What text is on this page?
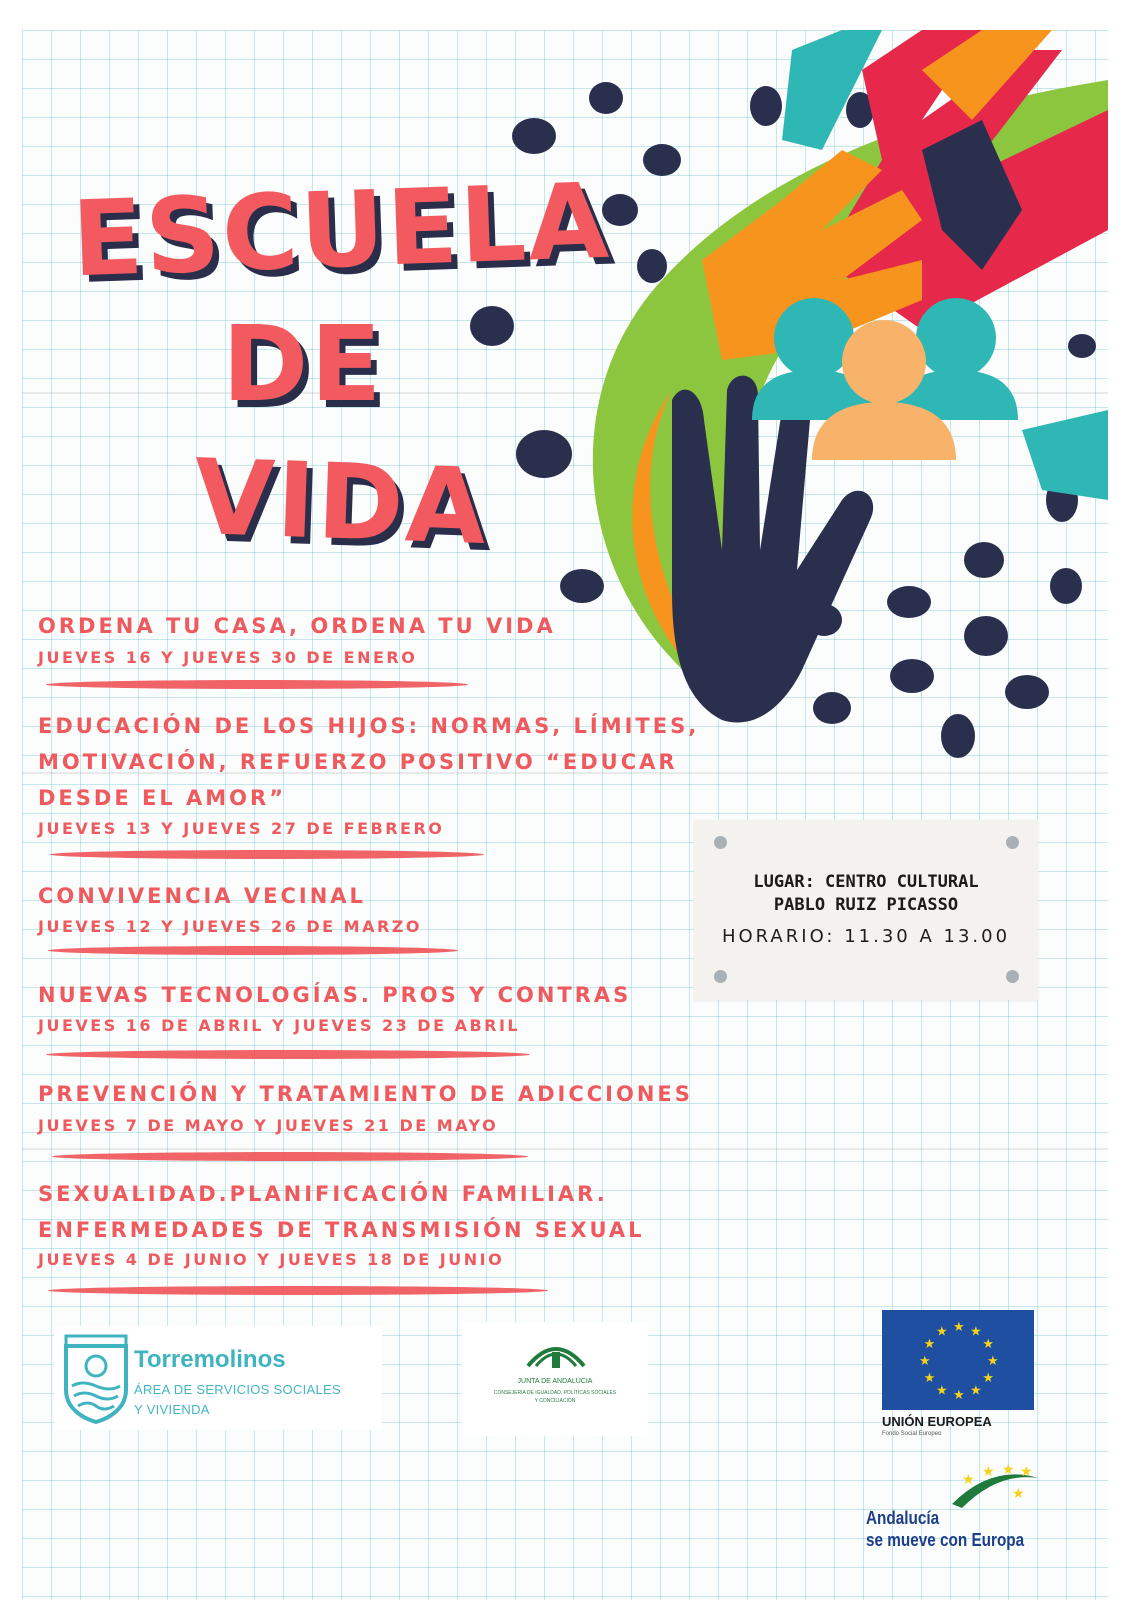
ESCUELA
DE
VIDA

ORDENA TU CASA, ORDENA TU VIDA

JUEVES 16 Y JUEVES 30 DE ENERO

EDUCACIÓN DE LOS HIJOS: NORMAS, LÍMITES,

MOTIVACIÓN, REFUERZO POSITIVO “EDUCAR

DESDE EL AMOR”

JUEVES 13 Y JUEVES 27 DE FEBRERO

CONVIVENCIA VECINAL

JUEVES 12 Y JUEVES 26 DE MARZO

NUEVAS TECNOLOGÍAS. PROS Y CONTRAS

JUEVES 16 DE ABRIL Y JUEVES 23 DE ABRIL

PREVENCIÓN Y TRATAMIENTO DE ADICCIONES

JUEVES 7 DE MAYO Y JUEVES 21 DE MAYO

SEXUALIDAD.PLANIFICACIÓN FAMILIAR.

ENFERMEDADES DE TRANSMISIÓN SEXUAL

JUEVES 4 DE JUNIO Y JUEVES 18 DE JUNIO

LUGAR: CENTRO CULTURAL

PABLO RUIZ PICASSO

HORARIO: 11.30 A 13.00

Torremolinos

ÁREA DE SERVICIOS SOCIALES

Y VIVIENDA

JUNTA DE ANDALUCIA

CONSEJERÍA DE IGUALDAD, POLÍTICAS SOCIALES

Y CONCILIACIÓN

★
★
★
★
★
★
★
★
★ ★ ★
★

UNIÓN EUROPEA

Fondo Social Europeo

★ ★ ★ ★
★

Andalucía

se mueve con Europa
